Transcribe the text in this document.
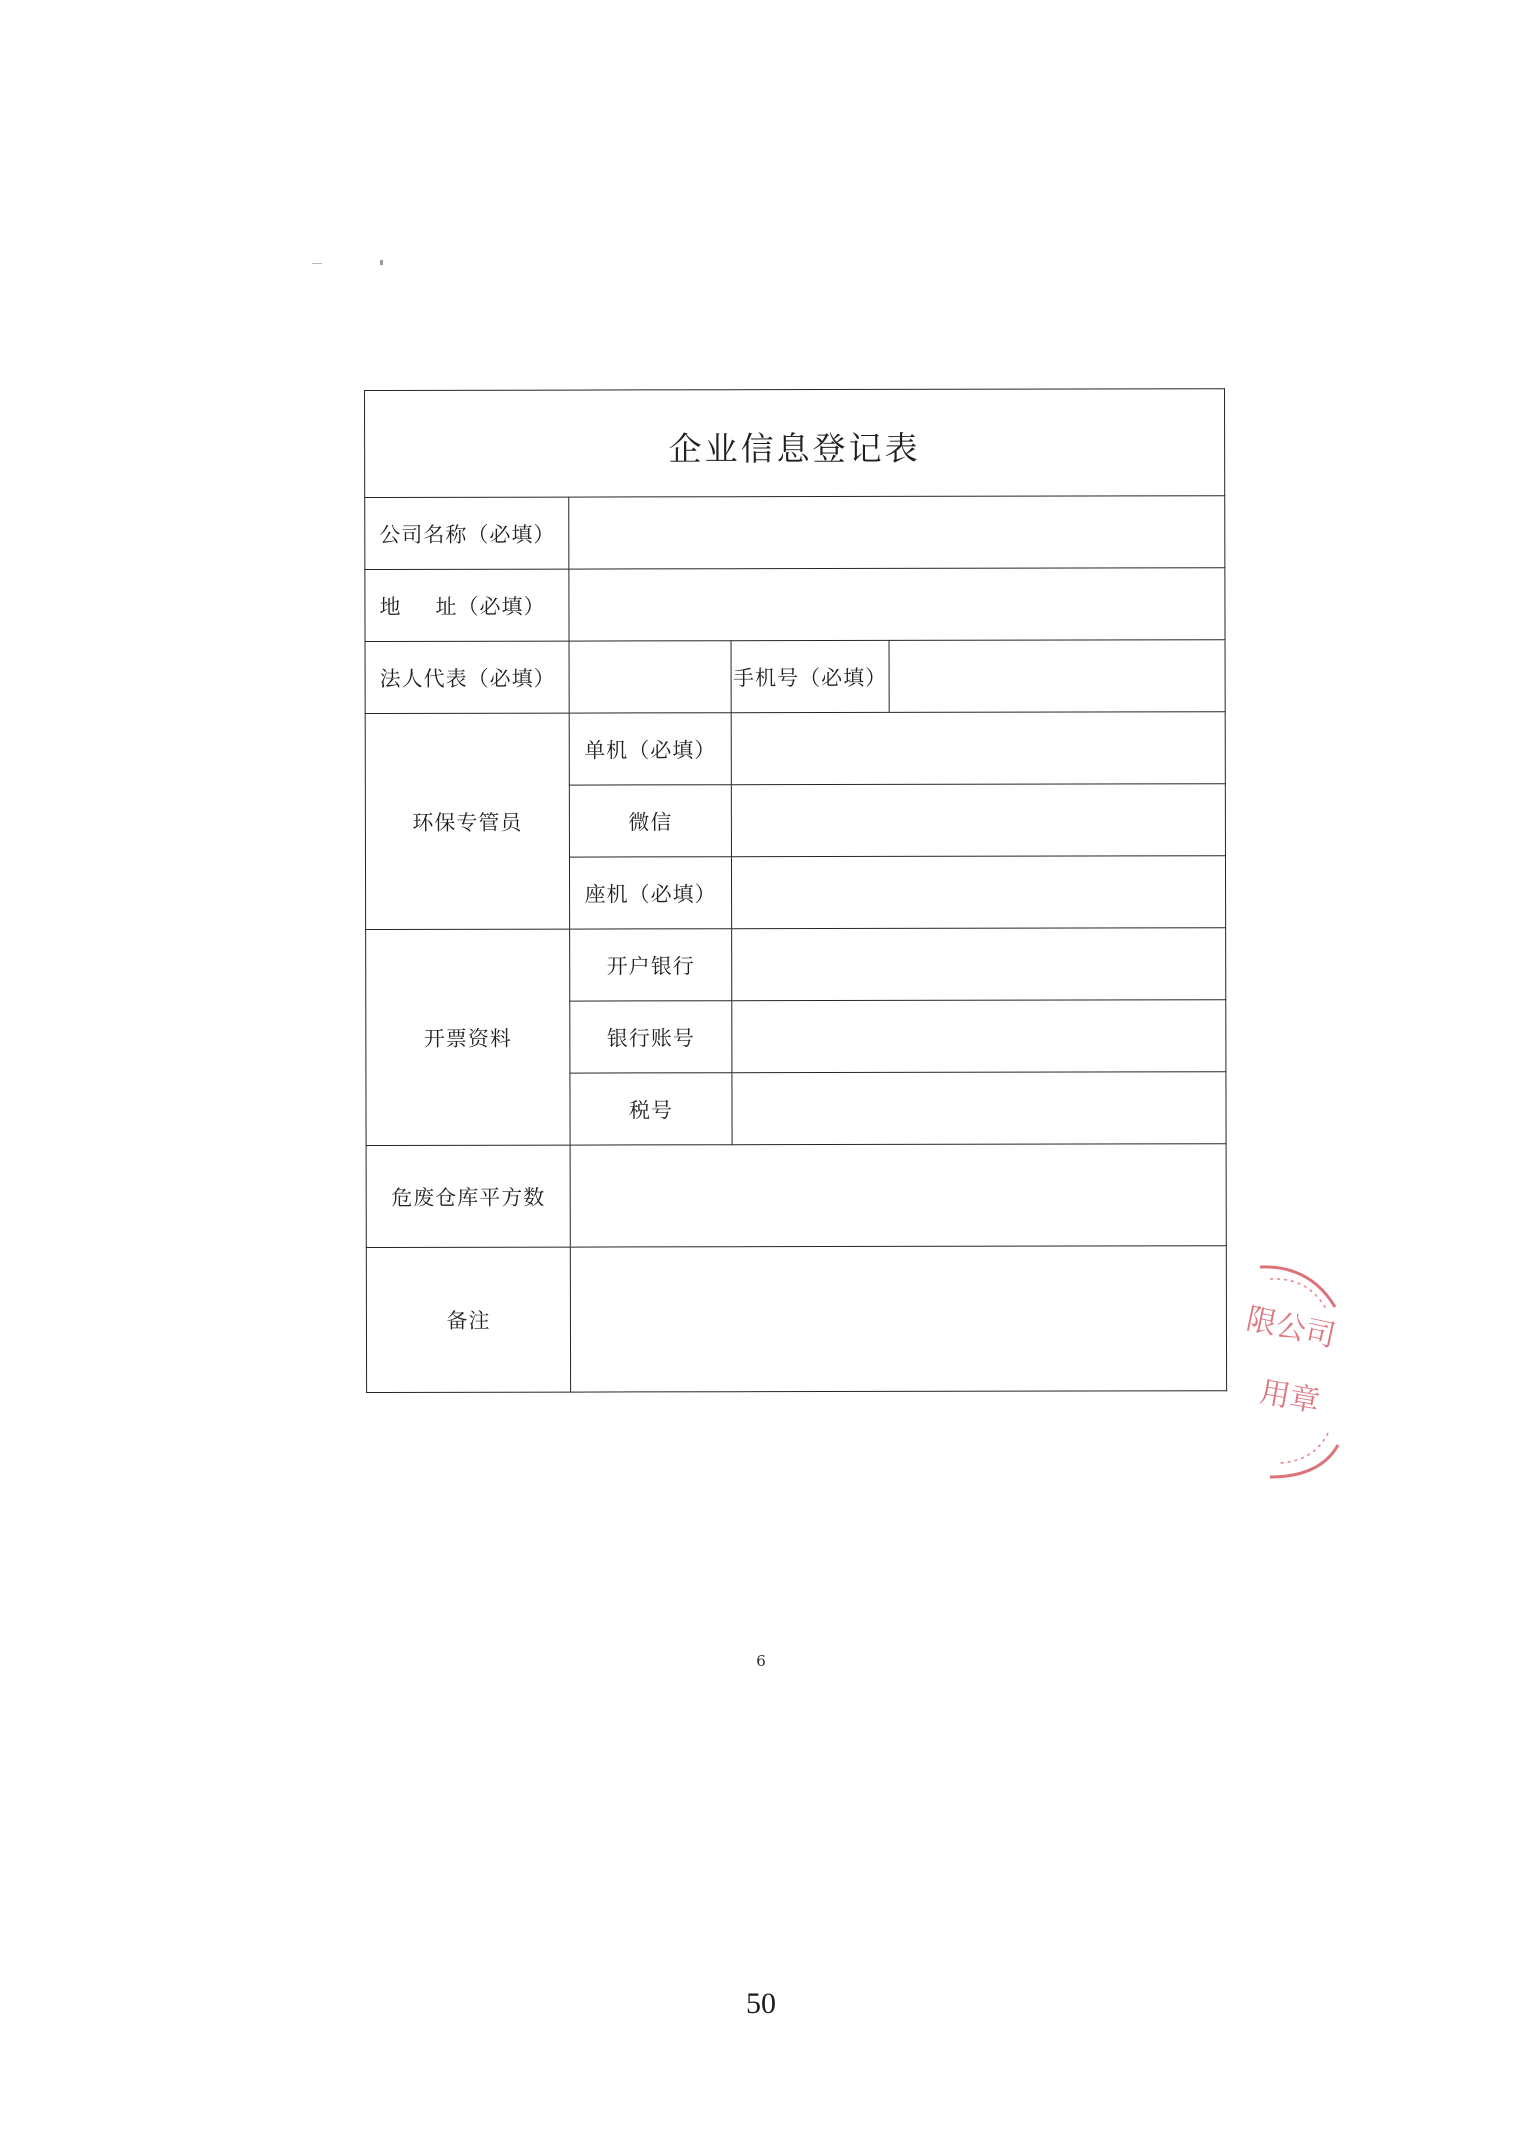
企业信息登记表			
公司名称（必填）			

地 址（必填）			

法人代表（必填）		手机号（必填）	
环保专管员	单机（必填）		
	微信		
	座机（必填）		
开票资料	开户银行		
	银行账号		
	税号		
危废仓库平方数			
备注				限公司
用章
6
50
